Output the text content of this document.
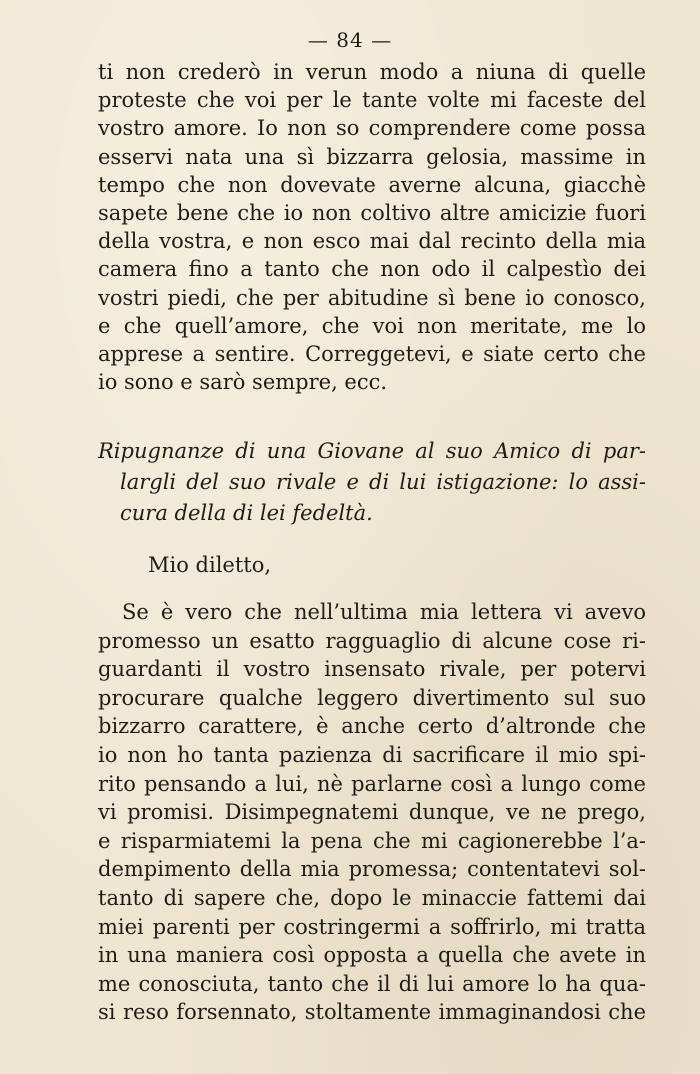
— 84 —
ti non crederò in verun modo a niuna di quelle
proteste che voi per le tante volte mi faceste del
vostro amore. Io non so comprendere come possa
esservi nata una sì bizzarra gelosia, massime in
tempo che non dovevate averne alcuna, giacchè
sapete bene che io non coltivo altre amicizie fuori
della vostra, e non esco mai dal recinto della mia
camera fino a tanto che non odo il calpestìo dei
vostri piedi, che per abitudine sì bene io conosco,
e che quell’amore, che voi non meritate, me lo
apprese a sentire. Correggetevi, e siate certo che
io sono e sarò sempre, ecc.
Ripugnanze di una Giovane al suo Amico di par-
largli del suo rivale e di lui istigazione: lo assi-
cura della di lei fedeltà.
Mio diletto,
Se è vero che nell’ultima mia lettera vi avevo
promesso un esatto ragguaglio di alcune cose ri-
guardanti il vostro insensato rivale, per potervi
procurare qualche leggero divertimento sul suo
bizzarro carattere, è anche certo d’altronde che
io non ho tanta pazienza di sacrificare il mio spi-
rito pensando a lui, nè parlarne così a lungo come
vi promisi. Disimpegnatemi dunque, ve ne prego,
e risparmiatemi la pena che mi cagionerebbe l’a-
dempimento della mia promessa; contentatevi sol-
tanto di sapere che, dopo le minaccie fattemi dai
miei parenti per costringermi a soffrirlo, mi tratta
in una maniera così opposta a quella che avete in
me conosciuta, tanto che il di lui amore lo ha qua-
si reso forsennato, stoltamente immaginandosi che
